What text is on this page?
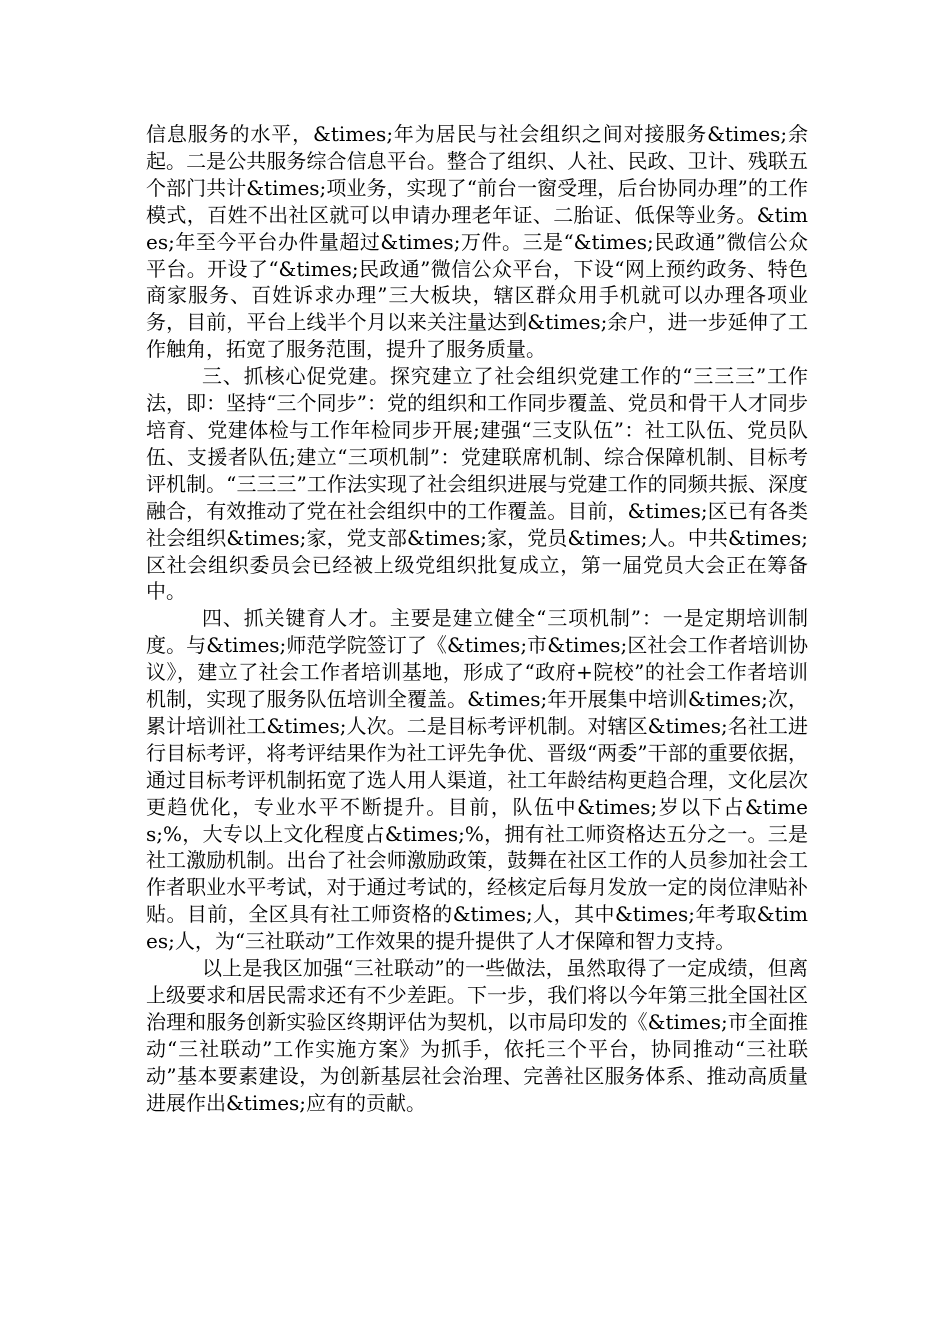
信息服务的水平，&times;年为居民与社会组织之间对接服务&times;余起。二是公共服务综合信息平台。整合了组织、人社、民政、卫计、残联五个部门共计&times;项业务，实现了“前台一窗受理，后台协同办理”的工作模式，百姓不出社区就可以申请办理老年证、二胎证、低保等业务。&times;年至今平台办件量超过&times;万件。三是“&times;民政通”微信公众平台。开设了“&times;民政通”微信公众平台，下设“网上预约政务、特色商家服务、百姓诉求办理”三大板块，辖区群众用手机就可以办理各项业务，目前，平台上线半个月以来关注量达到&times;余户，进一步延伸了工作触角，拓宽了服务范围，提升了服务质量。

三、抓核心促党建。探究建立了社会组织党建工作的“三三三”工作法，即：坚持“三个同步”：党的组织和工作同步覆盖、党员和骨干人才同步培育、党建体检与工作年检同步开展;建强“三支队伍”：社工队伍、党员队伍、支援者队伍;建立“三项机制”：党建联席机制、综合保障机制、目标考评机制。“三三三”工作法实现了社会组织进展与党建工作的同频共振、深度融合，有效推动了党在社会组织中的工作覆盖。目前，&times;区已有各类社会组织&times;家，党支部&times;家，党员&times;人。中共&times;区社会组织委员会已经被上级党组织批复成立，第一届党员大会正在筹备中。

四、抓关键育人才。主要是建立健全“三项机制”：一是定期培训制度。与&times;师范学院签订了《&times;市&times;区社会工作者培训协议》，建立了社会工作者培训基地，形成了“政府+院校”的社会工作者培训机制，实现了服务队伍培训全覆盖。&times;年开展集中培训&times;次，累计培训社工&times;人次。二是目标考评机制。对辖区&times;名社工进行目标考评，将考评结果作为社工评先争优、晋级“两委”干部的重要依据，通过目标考评机制拓宽了选人用人渠道，社工年龄结构更趋合理，文化层次更趋优化，专业水平不断提升。目前，队伍中&times;岁以下占&times;%，大专以上文化程度占&times;%，拥有社工师资格达五分之一。三是社工激励机制。出台了社会师激励政策，鼓舞在社区工作的人员参加社会工作者职业水平考试，对于通过考试的，经核定后每月发放一定的岗位津贴补贴。目前，全区具有社工师资格的&times;人，其中&times;年考取&times;人，为“三社联动”工作效果的提升提供了人才保障和智力支持。

以上是我区加强“三社联动”的一些做法，虽然取得了一定成绩，但离上级要求和居民需求还有不少差距。下一步，我们将以今年第三批全国社区治理和服务创新实验区终期评估为契机，以市局印发的《&times;市全面推动“三社联动”工作实施方案》为抓手，依托三个平台，协同推动“三社联动”基本要素建设，为创新基层社会治理、完善社区服务体系、推动高质量进展作出&times;应有的贡献。
